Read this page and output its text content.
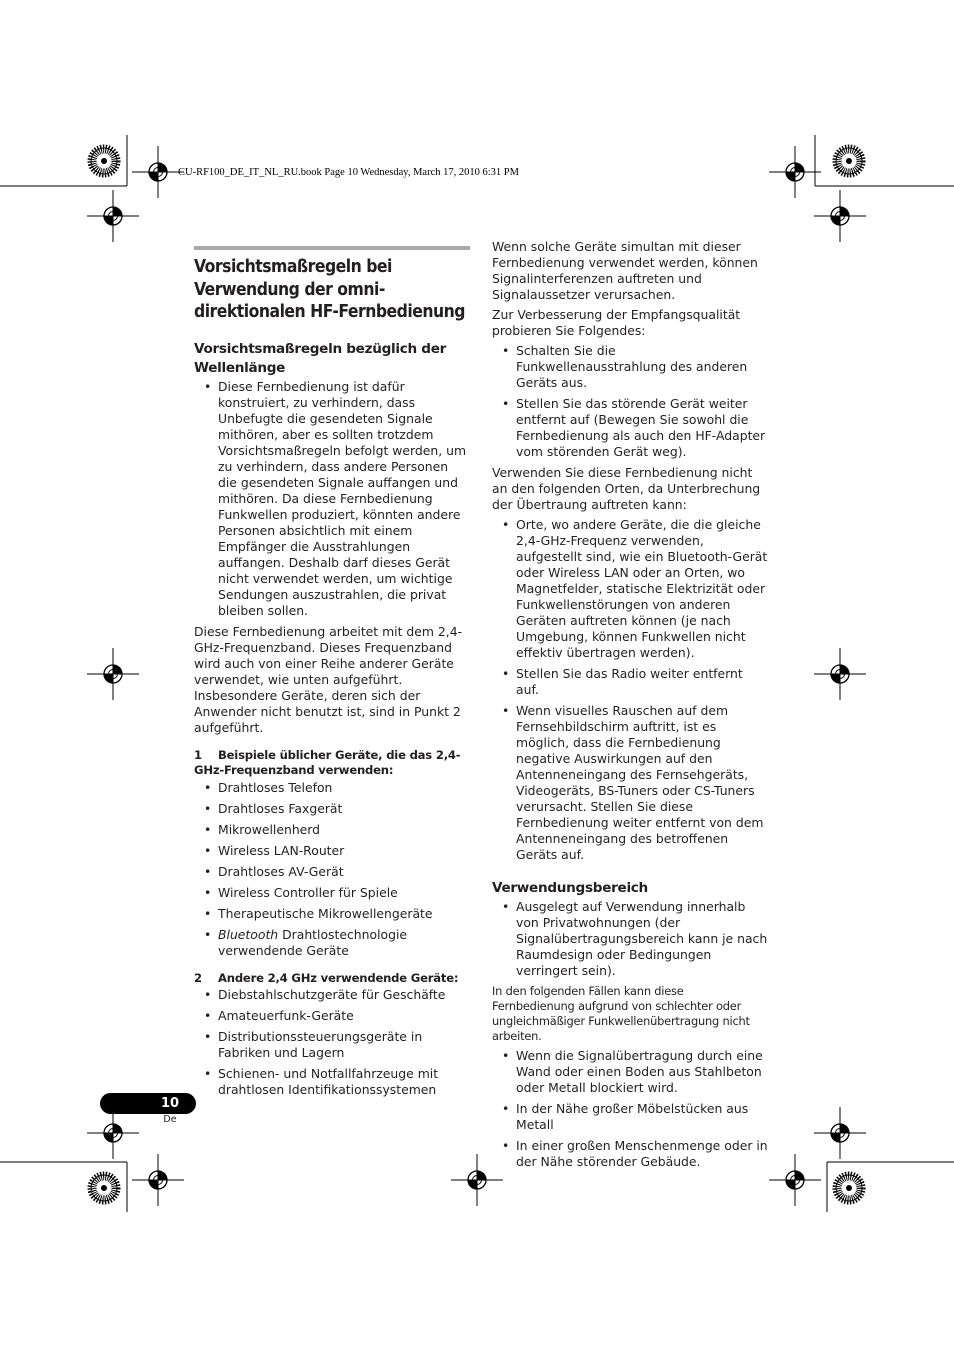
CU-RF100_DE_IT_NL_RU.book Page 10 Wednesday, March 17, 2010 6:31 PM
Vorsichtsmaßregeln bei Verwendung der omni-direktionalen HF-Fernbedienung
Vorsichtsmaßregeln bezüglich der Wellenlänge
• Diese Fernbedienung ist dafür konstruiert, zu verhindern, dass Unbefugte die gesendeten Signale mithören, aber es sollten trotzdem Vorsichtsmaßregeln befolgt werden, um zu verhindern, dass andere Personen die gesendeten Signale auffangen und mithören. Da diese Fernbedienung Funkwellen produziert, könnten andere Personen absichtlich mit einem Empfänger die Ausstrahlungen auffangen. Deshalb darf dieses Gerät nicht verwendet werden, um wichtige Sendungen auszustrahlen, die privat bleiben sollen.

Diese Fernbedienung arbeitet mit dem 2,4-GHz-Frequenzband. Dieses Frequenzband wird auch von einer Reihe anderer Geräte verwendet, wie unten aufgeführt. Insbesondere Geräte, deren sich der Anwender nicht benutzt ist, sind in Punkt 2 aufgeführt.

1 Beispiele üblicher Geräte, die das 2,4-GHz-Frequenzband verwenden:
• Drahtloses Telefon
• Drahtloses Faxgerät
• Mikrowellenherd
• Wireless LAN-Router
• Drahtloses AV-Gerät
• Wireless Controller für Spiele
• Therapeutische Mikrowellengeräte
• Bluetooth Drahtlostechnologie verwendende Geräte
2 Andere 2,4 GHz verwendende Geräte:
• Diebstahlschutzgeräte für Geschäfte
• Amateuerfunk-Geräte
• Distributionssteuerungsgeräte in Fabriken und Lagern
• Schienen- und Notfallfahrzeuge mit drahtlosen Identifikationssystemen

Wenn solche Geräte simultan mit dieser Fernbedienung verwendet werden, können Signalinterferenzen auftreten und Signalaussetzer verursachen.

Zur Verbesserung der Empfangsqualität probieren Sie Folgendes:

• Schalten Sie die Funkwellenausstrahlung des anderen Geräts aus.
• Stellen Sie das störende Gerät weiter entfernt auf (Bewegen Sie sowohl die Fernbedienung als auch den HF-Adapter vom störenden Gerät weg).

Verwenden Sie diese Fernbedienung nicht an den folgenden Orten, da Unterbrechung der Übertraung auftreten kann:

• Orte, wo andere Geräte, die die gleiche 2,4-GHz-Frequenz verwenden, aufgestellt sind, wie ein Bluetooth-Gerät oder Wireless LAN oder an Orten, wo Magnetfelder, statische Elektrizität oder Funkwellenstörungen von anderen Geräten auftreten können (je nach Umgebung, können Funkwellen nicht effektiv übertragen werden).
• Stellen Sie das Radio weiter entfernt auf.
• Wenn visuelles Rauschen auf dem Fernsehbildschirm auftritt, ist es möglich, dass die Fernbedienung negative Auswirkungen auf den Antenneneingang des Fernsehgeräts, Videogeräts, BS-Tuners oder CS-Tuners verursacht. Stellen Sie diese Fernbedienung weiter entfernt von dem Antenneneingang des betroffenen Geräts auf.
Verwendungsbereich
• Ausgelegt auf Verwendung innerhalb von Privatwohnungen (der Signalübertragungsbereich kann je nach Raumdesign oder Bedingungen verringert sein).

In den folgenden Fällen kann diese Fernbedienung aufgrund von schlechter oder ungleichmäßiger Funkwellenübertragung nicht arbeiten.

• Wenn die Signalübertragung durch eine Wand oder einen Boden aus Stahlbeton oder Metall blockiert wird.
• In der Nähe großer Möbelstücken aus Metall
• In einer großen Menschenmenge oder in der Nähe störender Gebäude.
10
De
